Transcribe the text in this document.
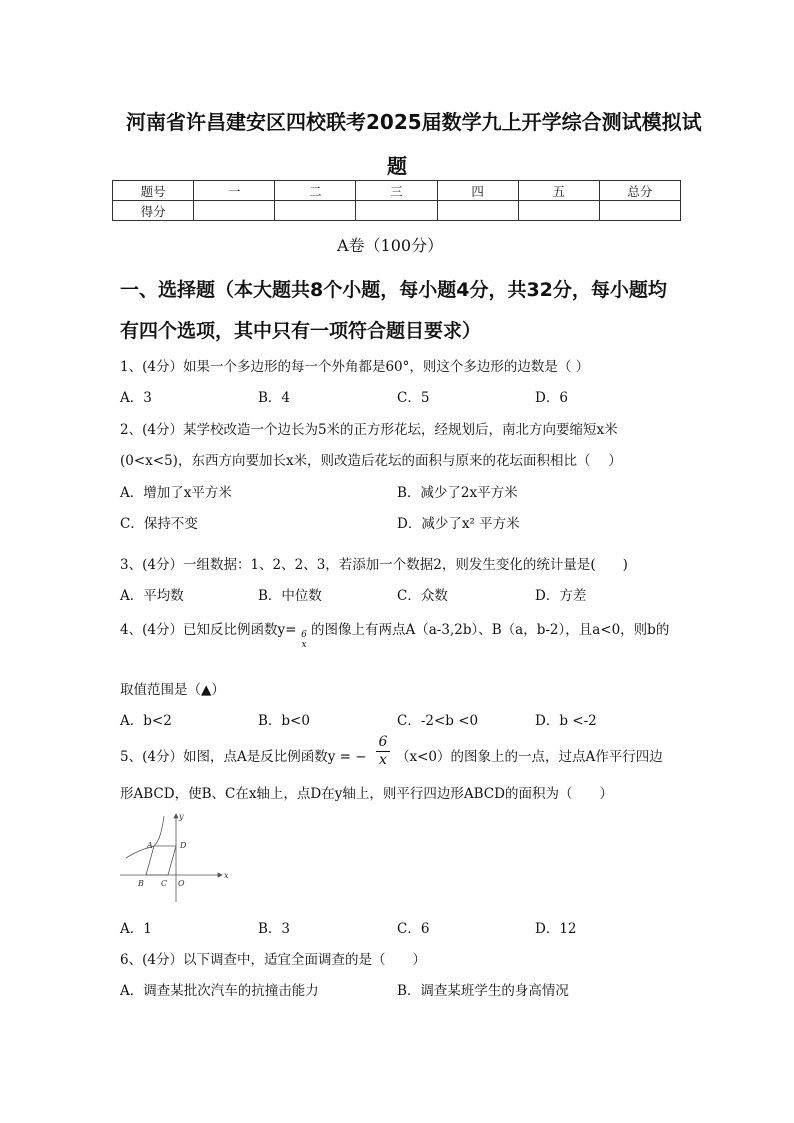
河南省许昌建安区四校联考2025届数学九上开学综合测试模拟试
题
题号	一	二	三	四	五	总分
得分						
A卷（100分）
一、选择题（本大题共8个小题，每小题4分，共32分，每小题均
有四个选项，其中只有一项符合题目要求）
1、(4分）如果一个多边形的每一个外角都是60°，则这个多边形的边数是（ ）
A．3	B．4	C．5	D．6
2、(4分）某学校改造一个边长为5米的正方形花坛，经规划后，南北方向要缩短x米
(0<x<5)，东西方向要加长x米，则改造后花坛的面积与原来的花坛面积相比（　 ）
A．增加了x平方米	B．减少了2x平方米
C．保持不变	D．减少了x² 平方米
3、(4分）一组数据：1、2、2、3，若添加一个数据2，则发生变化的统计量是(　　)
A．平均数	B．中位数	C．众数	D．方差
4、(4分）已知反比例函数y= 6
x
的图像上有两点A（a-3,2b）、B（a，b-2），且a<0，则b的
取值范围是（▲）
A．b<2	B．b<0	C．-2<b <0	D．b <-2
5、(4分）如图，点A是反比例函数y = − $\frac{6}{x} (x<0)$的图象上的一点，过点A作平行四边
形ABCD，使B、C在x轴上，点D在y轴上，则平行四边形ABCD的面积为（　　）
y
x
A	D
B C O
A．1	B．3	C．6	D．12
6、(4分）以下调查中，适宜全面调查的是（　　）
A．调查某批次汽车的抗撞击能力	B．调查某班学生的身高情况
